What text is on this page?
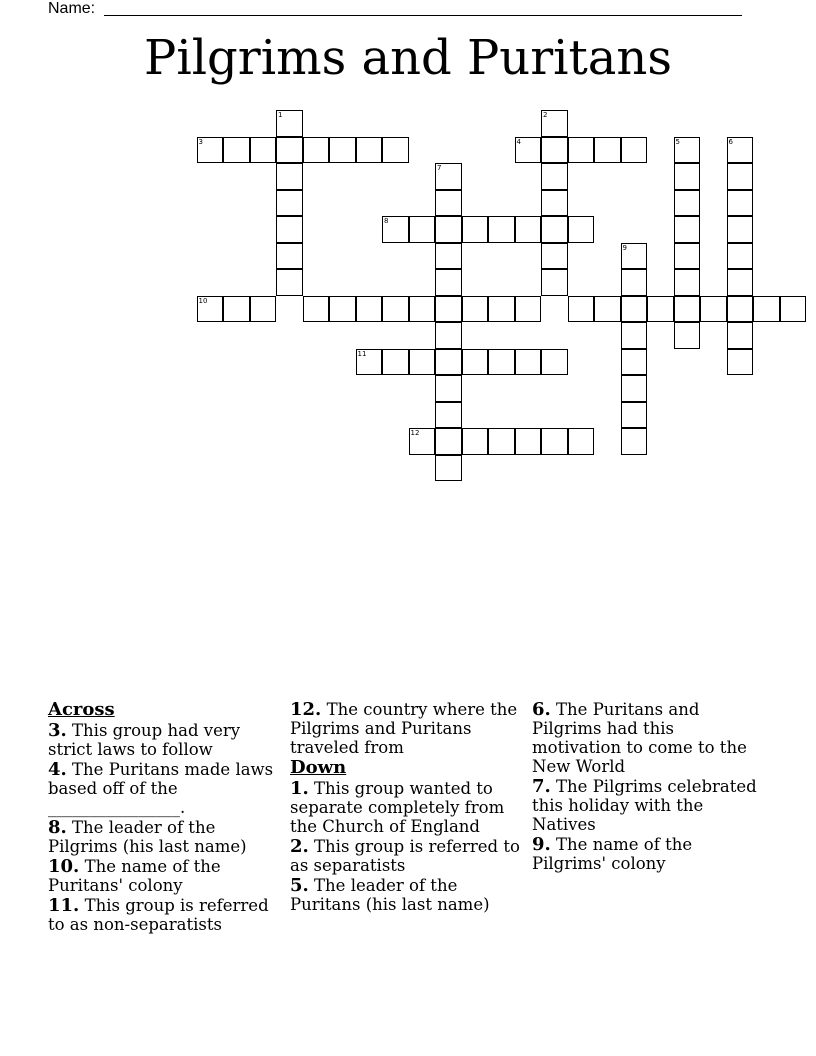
Name:
Pilgrims and Puritans
3
1
4
2
5	6
7
8
9
10
11
12
Across
3. This group had very strict laws to follow
4. The Puritans made laws based off of the ________________.
8. The leader of the Pilgrims (his last name)
10. The name of the Puritans' colony
11. This group is referred to as non-separatists
12. The country where the Pilgrims and Puritans traveled from
Down
1. This group wanted to separate completely from the Church of England
2. This group is referred to as separatists
5. The leader of the Puritans (his last name)
6. The Puritans and Pilgrims had this motivation to come to the New World
7. The Pilgrims celebrated this holiday with the Natives
9. The name of the Pilgrims' colony
